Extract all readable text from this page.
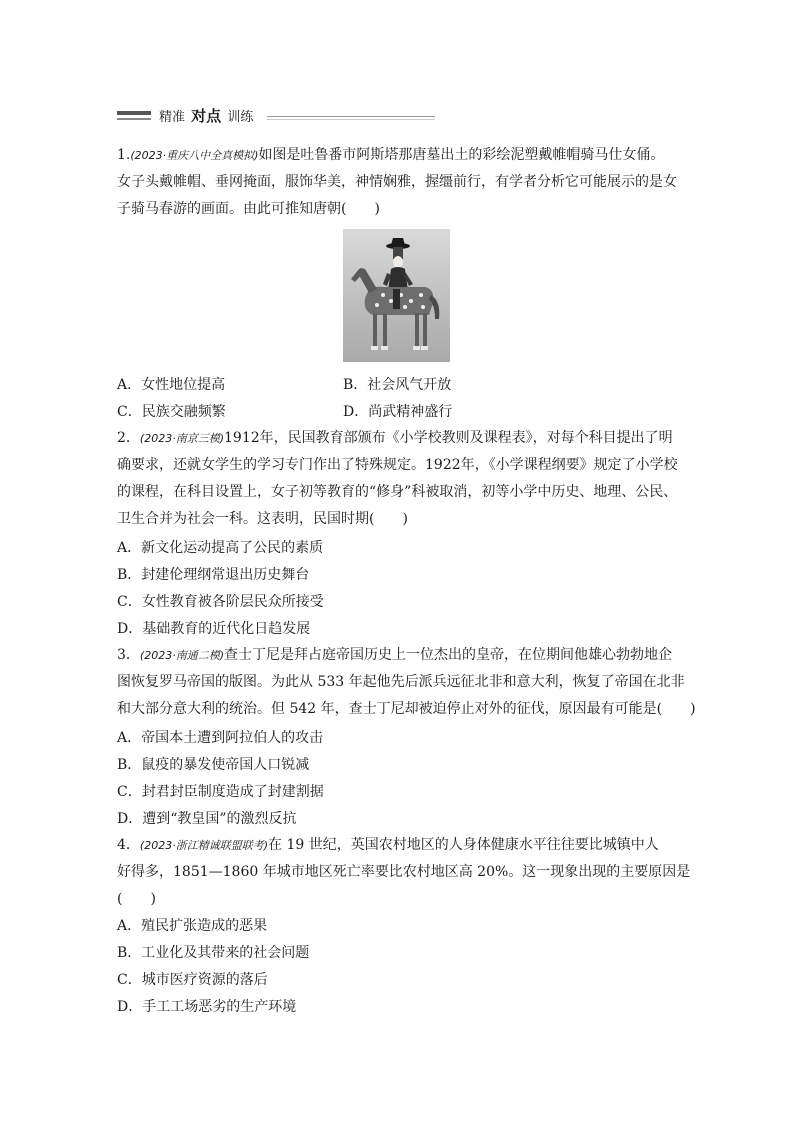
精准 对点 训练
1.(2023·重庆八中全真模拟)如图是吐鲁番市阿斯塔那唐墓出土的彩绘泥塑戴帷帽骑马仕女俑。
女子头戴帷帽、垂网掩面，服饰华美，神情娴雅，握缰前行，有学者分析它可能展示的是女
子骑马春游的画面。由此可推知唐朝(　　)
A．女性地位提高	B．社会风气开放
C．民族交融频繁	D．尚武精神盛行
2．(2023·南京三模)1912年，民国教育部颁布《小学校教则及课程表》，对每个科目提出了明
确要求，还就女学生的学习专门作出了特殊规定。1922年，《小学课程纲要》规定了小学校
的课程，在科目设置上，女子初等教育的“修身”科被取消，初等小学中历史、地理、公民、
卫生合并为社会一科。这表明，民国时期(　　)
A．新文化运动提高了公民的素质
B．封建伦理纲常退出历史舞台
C．女性教育被各阶层民众所接受
D．基础教育的近代化日趋发展
3．(2023·南通二模)查士丁尼是拜占庭帝国历史上一位杰出的皇帝，在位期间他雄心勃勃地企
图恢复罗马帝国的版图。为此从 533 年起他先后派兵远征北非和意大利，恢复了帝国在北非
和大部分意大利的统治。但 542 年，查士丁尼却被迫停止对外的征伐，原因最有可能是(　　)
A．帝国本土遭到阿拉伯人的攻击
B．鼠疫的暴发使帝国人口锐减
C．封君封臣制度造成了封建割据
D．遭到“教皇国”的激烈反抗
4．(2023·浙江精诚联盟联考)在 19 世纪，英国农村地区的人身体健康水平往往要比城镇中人
好得多，1851—1860 年城市地区死亡率要比农村地区高 20%。这一现象出现的主要原因是
(　　)
A．殖民扩张造成的恶果
B．工业化及其带来的社会问题
C．城市医疗资源的落后
D．手工工场恶劣的生产环境
